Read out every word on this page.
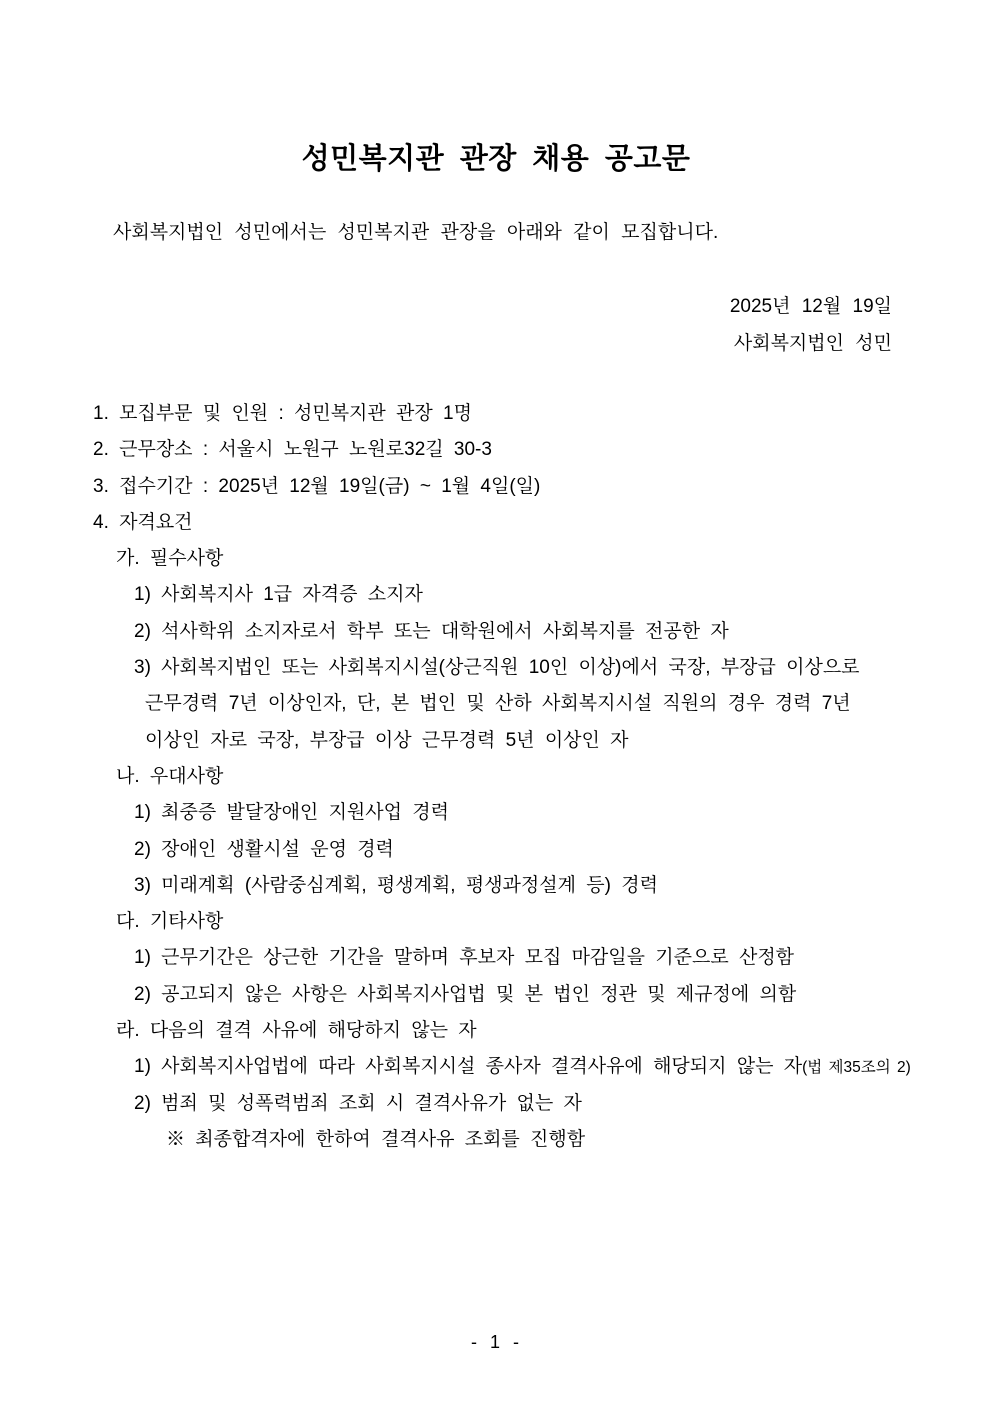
성민복지관 관장 채용 공고문

사회복지법인 성민에서는 성민복지관 관장을 아래와 같이 모집합니다.

2025년 12월 19일
사회복지법인 성민
1. 모집부문 및 인원 : 성민복지관 관장 1명
2. 근무장소 : 서울시 노원구 노원로32길 30-3
3. 접수기간 : 2025년 12월 19일(금) ~ 1월 4일(일)
4. 자격요건
가. 필수사항
1) 사회복지사 1급 자격증 소지자
2) 석사학위 소지자로서 학부 또는 대학원에서 사회복지를 전공한 자
3) 사회복지법인 또는 사회복지시설(상근직원 10인 이상)에서 국장, 부장급 이상으로
근무경력 7년 이상인자, 단, 본 법인 및 산하 사회복지시설 직원의 경우 경력 7년
이상인 자로 국장, 부장급 이상 근무경력 5년 이상인 자
나. 우대사항
1) 최중증 발달장애인 지원사업 경력
2) 장애인 생활시설 운영 경력
3) 미래계획 (사람중심계획, 평생계획, 평생과정설계 등) 경력
다. 기타사항
1) 근무기간은 상근한 기간을 말하며 후보자 모집 마감일을 기준으로 산정함
2) 공고되지 않은 사항은 사회복지사업법 및 본 법인 정관 및 제규정에 의함
라. 다음의 결격 사유에 해당하지 않는 자
1) 사회복지사업법에 따라 사회복지시설 종사자 결격사유에 해당되지 않는 자(법 제35조의 2)
2) 범죄 및 성폭력범죄 조회 시 결격사유가 없는 자
※ 최종합격자에 한하여 결격사유 조회를 진행함
- 1 -
